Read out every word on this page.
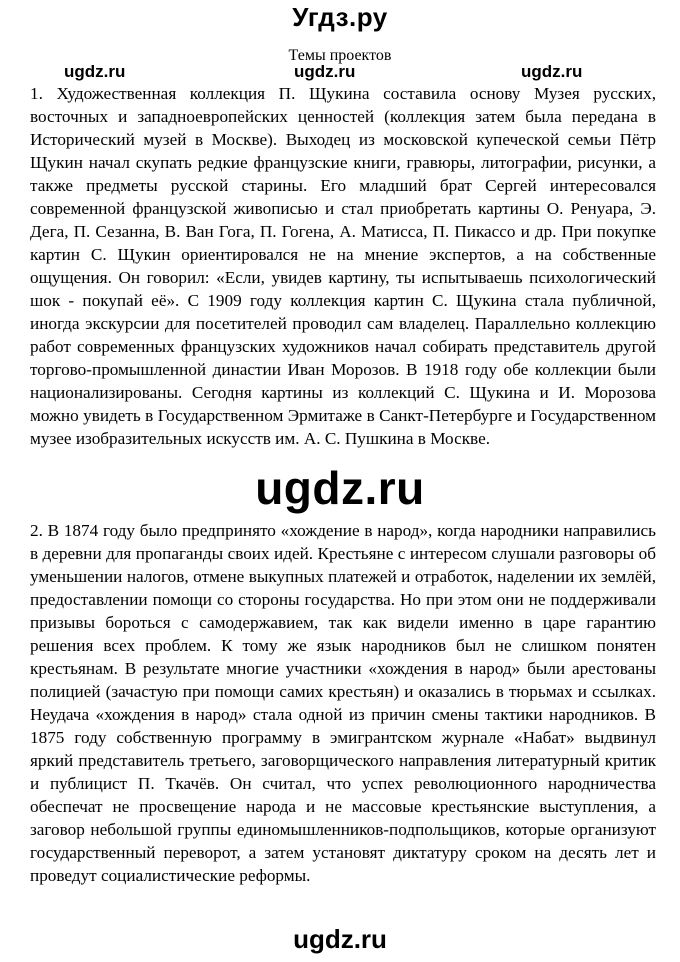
Угдз.ру
Темы проектов
1. Художественная коллекция П. Щукина составила основу Музея русских, восточных и западноевропейских ценностей (коллекция затем была передана в Исторический музей в Москве). Выходец из московской купеческой семьи Пётр Щукин начал скупать редкие французские книги, гравюры, литографии, рисунки, а также предметы русской старины. Его младший брат Сергей интересовался современной французской живописью и стал приобретать картины О. Ренуара, Э. Дега, П. Сезанна, В. Ван Гога, П. Гогена, А. Матисса, П. Пикассо и др. При покупке картин С. Щукин ориентировался не на мнение экспертов, а на собственные ощущения. Он говорил: «Если, увидев картину, ты испытываешь психологический шок - покупай её». С 1909 году коллекция картин С. Щукина стала публичной, иногда экскурсии для посетителей проводил сам владелец. Параллельно коллекцию работ современных французских художников начал собирать представитель другой торгово-промышленной династии Иван Морозов. В 1918 году обе коллекции были национализированы. Сегодня картины из коллекций С. Щукина и И. Морозова можно увидеть в Государственном Эрмитаже в Санкт-Петербурге и Государственном музее изобразительных искусств им. А. С. Пушкина в Москве.
ugdz.ru	ugdz.ru	ugdz.ru
ugdz.ru
2. В 1874 году было предпринято «хождение в народ», когда народники направились в деревни для пропаганды своих идей. Крестьяне с интересом слушали разговоры об уменьшении налогов, отмене выкупных платежей и отработок, наделении их землёй, предоставлении помощи со стороны государства. Но при этом они не поддерживали призывы бороться с самодержавием, так как видели именно в царе гарантию решения всех проблем. К тому же язык народников был не слишком понятен крестьянам. В результате многие участники «хождения в народ» были арестованы полицией (зачастую при помощи самих крестьян) и оказались в тюрьмах и ссылках. Неудача «хождения в народ» стала одной из причин смены тактики народников. В 1875 году собственную программу в эмигрантском журнале «Набат» выдвинул яркий представитель третьего, заговорщического направления литературный критик и публицист П. Ткачёв. Он считал, что успех революционного народничества обеспечат не просвещение народа и не массовые крестьянские выступления, а заговор небольшой группы единомышленников-подпольщиков, которые организуют государственный переворот, а затем установят диктатуру сроком на десять лет и проведут социалистические реформы.
ugdz.ru
